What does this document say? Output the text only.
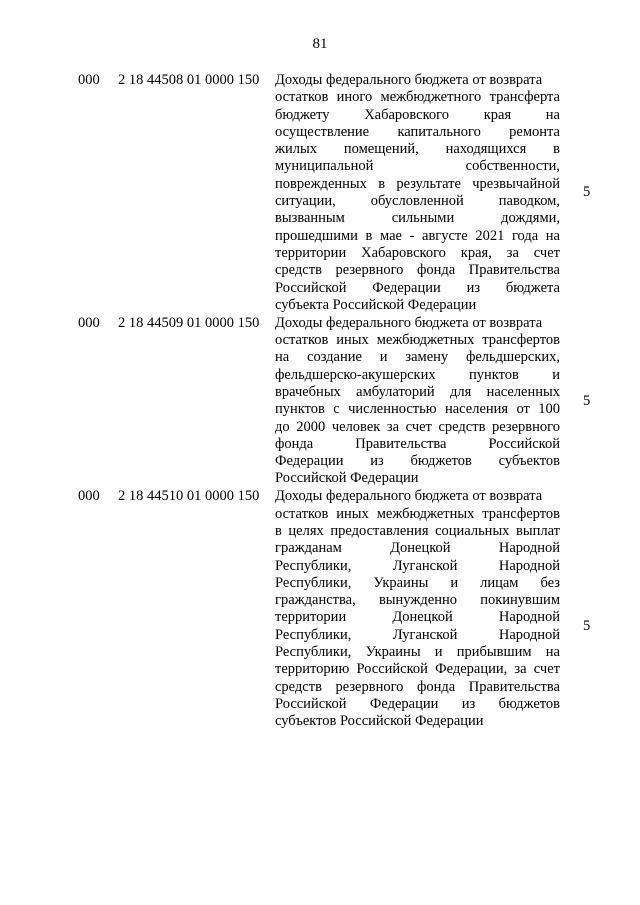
81
000	2 18 44508 01 0000 150	Доходы федерального бюджета от возврата
остатков иного межбюджетного трансферта
бюджету Хабаровского края на
осуществление капитального ремонта
жилых помещений, находящихся в
муниципальной собственности,
поврежденных в результате чрезвычайной
ситуации, обусловленной паводком,
вызванным сильными дождями,
прошедшими в мае - августе 2021 года на
территории Хабаровского края, за счет
средств резервного фонда Правительства
Российской Федерации из бюджета
субъекта Российской Федерации
5
000	2 18 44509 01 0000 150	Доходы федерального бюджета от возврата
остатков иных межбюджетных трансфертов
на создание и замену фельдшерских,
фельдшерско-акушерских пунктов и
врачебных амбулаторий для населенных
пунктов с численностью населения от 100
до 2000 человек за счет средств резервного
фонда Правительства Российской
Федерации из бюджетов субъектов
Российской Федерации
5
000	2 18 44510 01 0000 150	Доходы федерального бюджета от возврата
остатков иных межбюджетных трансфертов
в целях предоставления социальных выплат
гражданам Донецкой Народной
Республики, Луганской Народной
Республики, Украины и лицам без
гражданства, вынужденно покинувшим
территории Донецкой Народной
Республики, Луганской Народной
Республики, Украины и прибывшим на
территорию Российской Федерации, за счет
средств резервного фонда Правительства
Российской Федерации из бюджетов
субъектов Российской Федерации
5
